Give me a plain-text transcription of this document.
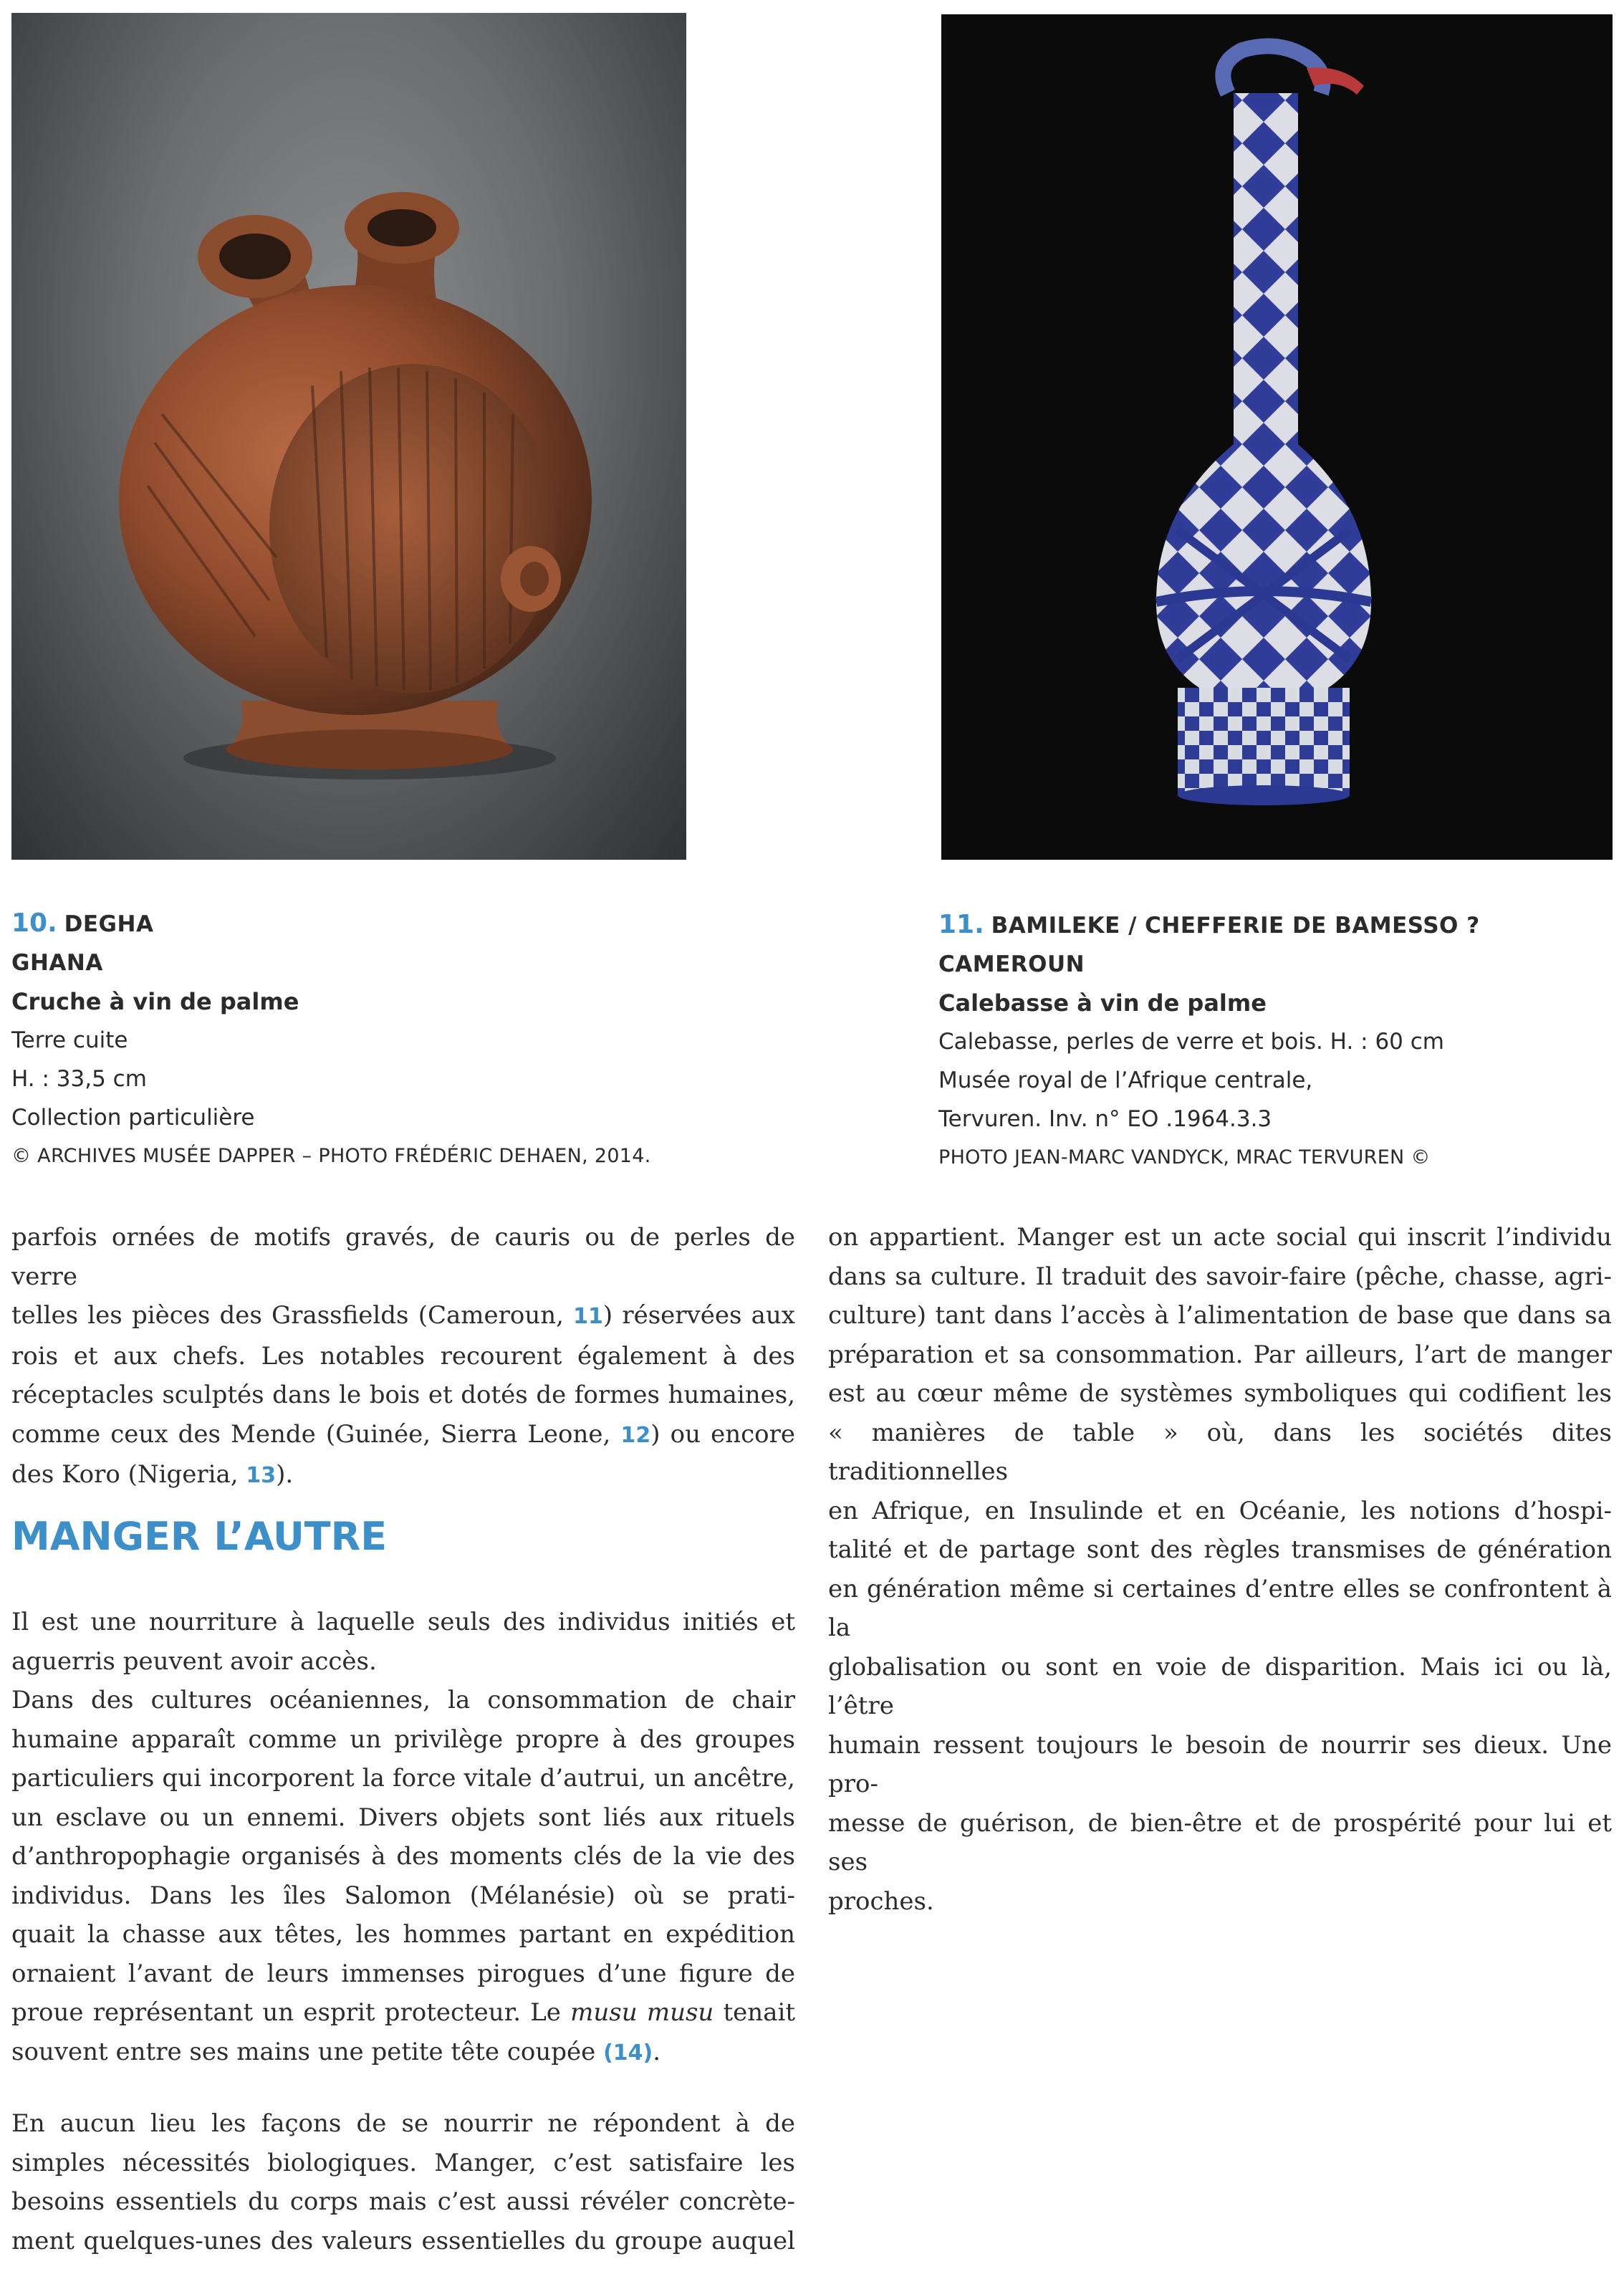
10. DEGHA
GHANA
Cruche à vin de palme
Terre cuite
H. : 33,5 cm
Collection particulière
© ARCHIVES MUSÉE DAPPER – PHOTO FRÉDÉRIC DEHAEN, 2014.
11. BAMILEKE / CHEFFERIE DE BAMESSO ?
CAMEROUN
Calebasse à vin de palme
Calebasse, perles de verre et bois. H. : 60 cm
Musée royal de l’Afrique centrale,
Tervuren. Inv. n° EO .1964.3.3
PHOTO JEAN-MARC VANDYCK, MRAC TERVUREN ©

parfois ornées de motifs gravés, de cauris ou de perles de verre

telles les pièces des Grassfields (Cameroun, 11) réservées aux

rois et aux chefs. Les notables recourent également à des

réceptacles sculptés dans le bois et dotés de formes humaines,

comme ceux des Mende (Guinée, Sierra Leone, 12) ou encore

des Koro (Nigeria, 13).

MANGER L’AUTRE

Il est une nourriture à laquelle seuls des individus initiés et

aguerris peuvent avoir accès.

Dans des cultures océaniennes, la consommation de chair

humaine apparaît comme un privilège propre à des groupes

particuliers qui incorporent la force vitale d’autrui, un ancêtre,

un esclave ou un ennemi. Divers objets sont liés aux rituels

d’anthropophagie organisés à des moments clés de la vie des

individus. Dans les îles Salomon (Mélanésie) où se prati-

quait la chasse aux têtes, les hommes partant en expédition

ornaient l’avant de leurs immenses pirogues d’une figure de

proue représentant un esprit protecteur. Le musu musu tenait

souvent entre ses mains une petite tête coupée (14).

En aucun lieu les façons de se nourrir ne répondent à de

simples nécessités biologiques. Manger, c’est satisfaire les

besoins essentiels du corps mais c’est aussi révéler concrète-

ment quelques-unes des valeurs essentielles du groupe auquel

on appartient. Manger est un acte social qui inscrit l’individu

dans sa culture. Il traduit des savoir-faire (pêche, chasse, agri-

culture) tant dans l’accès à l’alimentation de base que dans sa

préparation et sa consommation. Par ailleurs, l’art de manger

est au cœur même de systèmes symboliques qui codifient les

« manières de table » où, dans les sociétés dites traditionnelles

en Afrique, en Insulinde et en Océanie, les notions d’hospi-

talité et de partage sont des règles transmises de génération

en génération même si certaines d’entre elles se confrontent à la

globalisation ou sont en voie de disparition. Mais ici ou là, l’être

humain ressent toujours le besoin de nourrir ses dieux. Une pro-

messe de guérison, de bien-être et de prospérité pour lui et ses

proches.
